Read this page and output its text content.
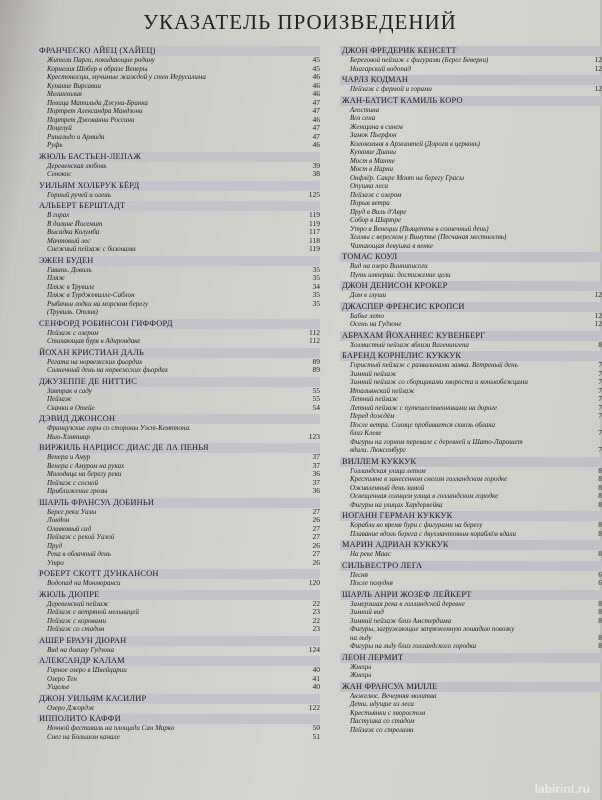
УКАЗАТЕЛЬ ПРОИЗВЕДЕНИЙ
ФРАНЧЕСКО АЙЕЦ (ХАЙЕЦ)
Жители Парги, покидающие родину	45
Корнелия Шобер в образе Венеры	45
Крестоносцы, мучимые жаждой у стен Иерусалима	46
Купание Вирсавии	46
Меланхолия	46
Певица Матильда Джуна-Бранка	47
Портрет Александра Мандзони	47
Портрет Джованни Россини	46
Поцелуй	47
Ринальдо и Армида	47
Руфь	46
ЖЮЛЬ БАСТЬЕН-ЛЕПАЖ
Деревенская любовь	39
Сенокос	38
УИЛЬЯМ ХОЛБРУК БЁРД
Горный ручей и олень	125
АЛЬБЕРТ БЕРШТАДТ
В горах	119
В долине Йосемит	119
Высадка Колумба	117
Мачтовый лес	118
Снежный пейзаж с бизонами	119
ЭЖЕН БУДЕН
Гавань. Довиль	35
Пляж	35
Пляж в Трувиле	34
Пляж в Турджевилле-Саблон	35
Рыбачьи лодки на морском берегу	35
(Трувиль. Отлив)
СЕНФОРД РОБИНСОН ГИФФОРД
Пейзаж с озером	112
Стихающая буря в Адирондаке	112
ЙОХАН КРИСТИАН ДАЛЬ
Регата на норвежских фьордах	89
Солнечный день на норвежских фьордах	89
ДЖУЗЕППЕ ДЕ НИТТИС
Завтрак в саду	55
Пейзаж	55
Скачки в Отейе	54
ДЭВИД ДЖОНСОН
Французские горы со стороны Уэст-Кемптона.
Нью-Хэмпшир	123
ВИРЖИЛЬ НАРЦИСС ДИАС ДЕ ЛА ПЕНЬЯ
Венера и Амур	37
Венера с Амуром на руках	37
Молодица на берегу реки	36
Пейзаж с сосной	37
Приближение грозы	36
ШАРЛЬ ФРАНСУА ДОБИНЬИ
Берег реки Уазы	27
Лондон	26
Оливковый сад	27
Пейзаж с рекой Уазой	27
Пруд	26
Река в облачный день	27
Утро	26
РОБЕРТ СКОТТ ДУНКАНСОН
Водопад на Монморанси	120
ЖЮЛЬ ДЮПРЕ
Деревенский пейзаж	22
Пейзаж с ветряной мельницей	23
Пейзаж с коровами	22
Пейзаж со стадом	23
АШЕР БРАУН ДЮРАН
Вид на долину Гудзона	124
АЛЕКСАНДР КАЛАМ
Горное озеро в Швейцарии	40
Озеро Тен	41
Ущелье	40
ДЖОН УИЛЬЯМ КАСИЛИР
Озеро Джордж	122
ИППОЛИТО КАФФИ
Ночной фестиваль на площади Сан Марко	50
Снег на Большом канале	51
ДЖОН ФРЕДЕРИК КЕНСЕТТ
Береговой пейзаж с фигурами (Берег Беверли)	12
Ниагарский водопад	12
ЧАРЛЗ КОДМАН
Пейзаж с фермой и горами	12
ЖАН-БАТИСТ КАМИЛЬ КОРО
Агостина
Воз сена
Женщина в синем
Замок Пьерфон
Колокольня в Аржантей (Дорога в церковь)
Купание Дианы
Мост в Манте
Мост в Нарни
Онфлёр. Сакре Монт на берегу Грасы
Опушка леса
Пейзаж с озером
Порыв ветра
Пруд в Виль д'Авре
Собор в Шартре
Утро в Венеции (Пьяцетта в солнечный день)
Холмы с вереском у Вимутье (Песчаная местность)
Читающая девушка в венке
ТОМАС КОУЛ
Вид на озеро Винниписоги
Путь империи: достижение цели
ДЖОН ДЕНИСОН КРОКЕР
Дом в глуши	12
ДЖАСПЕР ФРЕНСИС КРОПСИ
Бабье лето	12
Осень на Гудзоне	12
АБРАХАМ ЙОХАННЕС КУВЕНБЕРГ
Холмистый пейзаж вблизи Вагенингена	8
БАРЕНД КОРНЕЛИС КУККУК
Гористый пейзаж с развалинами замка. Ветреный день	7
Зимний пейзаж	7
Зимний пейзаж со сборщиками хвороста и конькобежцами	7
Итальянский пейзаж	7
Летний пейзаж	7
Летний пейзаж с путешественниками на дороге	7
Перед дождём	7
После ветра. Солнце пробивается сквозь облака
близ Клеве	7
Фигуры на горном перевале с деревней и Шато-Ларошет
вдали. Люксембург	7
ВИЛЛЕМ КУККУК
Голландская улица летом	8
Крестьяне в занесенном снегом голландском городке	8
Оживленный день зимой	8
Освещенная солнцем улица в голландском городке	8
Фигуры на улицах Хардервейка	8
НОГАНН ГЕРМАН КУККУК
Корабли во время бури с фигурами на берегу	8
Плавание вдоль берега с двухмачтовым кораблём вдали	8
МАРИН АДРИАН КУККУК
На реке Маас	8
СИЛЬВЕСТРО ЛЕГА
Песня	6
После полудня	6
ШАРЛЬ АНРИ ЖОЗЕФ ЛЕЙКЕРТ
Замерзшая река в голландской деревне	8
Зимний вид	8
Зимний пейзаж близ Амстердама	8
Фигуры, загружающие запряженную лошадью повозку
на льду	8
Фигуры на льду близ голландского городка	8
ЛЕОН ЛЕРМИТ
Жнецы
Жнецы
ЖАН ФРАНСУА МИЛЛЕ
Анжелюс. Вечерняя молитва
Дети, идущие из леса
Крестьянки с хворостом
Пастушка со стадом
Пейзаж со стрелами
labirint.ru
